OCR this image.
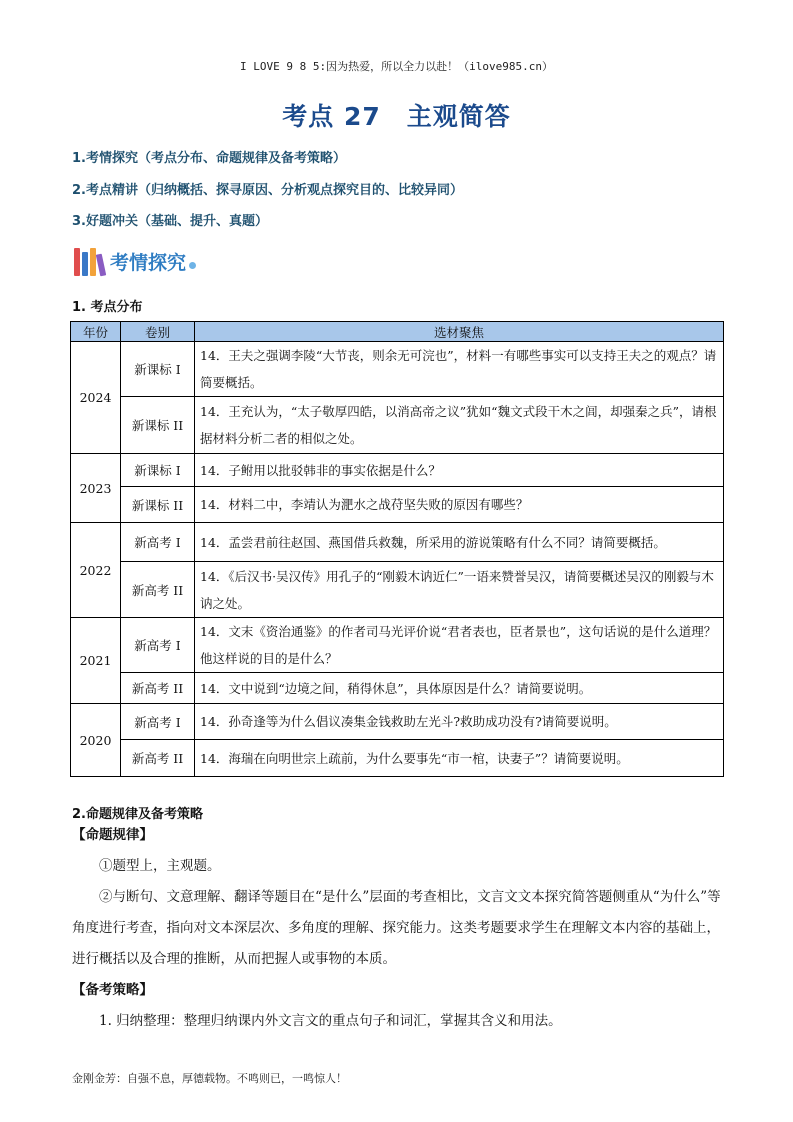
I LOVE 9 8 5:因为热爱，所以全力以赴！（ilove985.cn）
考点 27　主观简答
1.考情探究（考点分布、命题规律及备考策略）
2.考点精讲（归纳概括、探寻原因、分析观点探究目的、比较异同）
3.好题冲关（基础、提升、真题）
考情探究
1. 考点分布
年份	卷别	选材聚焦
2024	新课标 I	14．王夫之强调李陵“大节丧，则余无可浣也”，材料一有哪些事实可以支持王夫之的观点？请简要概括。
	新课标 II	14．王充认为，“太子敬厚四皓，以消高帝之议”犹如“魏文式段干木之闾，却强秦之兵”，请根据材料分析二者的相似之处。
2023	新课标 I	14．子鲋用以批驳韩非的事实依据是什么？
	新课标 II	14．材料二中，李靖认为淝水之战苻坚失败的原因有哪些？
2022	新高考 I	14．孟尝君前往赵国、燕国借兵救魏，所采用的游说策略有什么不同？请简要概括。
	新高考 II	14．《后汉书·吴汉传》用孔子的“刚毅木讷近仁”一语来赞誉吴汉，请简要概述吴汉的刚毅与木讷之处。
2021	新高考 I	14．文末《资治通鉴》的作者司马光评价说“君者表也，臣者景也”，这句话说的是什么道理？他这样说的目的是什么？
	新高考 II	14．文中说到“边境之间，稍得休息”，具体原因是什么？请简要说明。
2020	新高考 I	14．孙奇逢等为什么倡议凑集金钱救助左光斗?救助成功没有?请简要说明。
	新高考 II	14．海瑞在向明世宗上疏前，为什么要事先“市一棺，诀妻子”？请简要说明。
2.命题规律及备考策略
【命题规律】
①题型上，主观题。
②与断句、文意理解、翻译等题目在“是什么”层面的考查相比，文言文文本探究简答题侧重从“为什么”等角度进行考查，指向对文本深层次、多角度的理解、探究能力。这类考题要求学生在理解文本内容的基础上，进行概括以及合理的推断，从而把握人或事物的本质。
【备考策略】
1. 归纳整理：整理归纳课内外文言文的重点句子和词汇，掌握其含义和用法。
金刚金芳：自强不息，厚德载物。不鸣则已，一鸣惊人！
